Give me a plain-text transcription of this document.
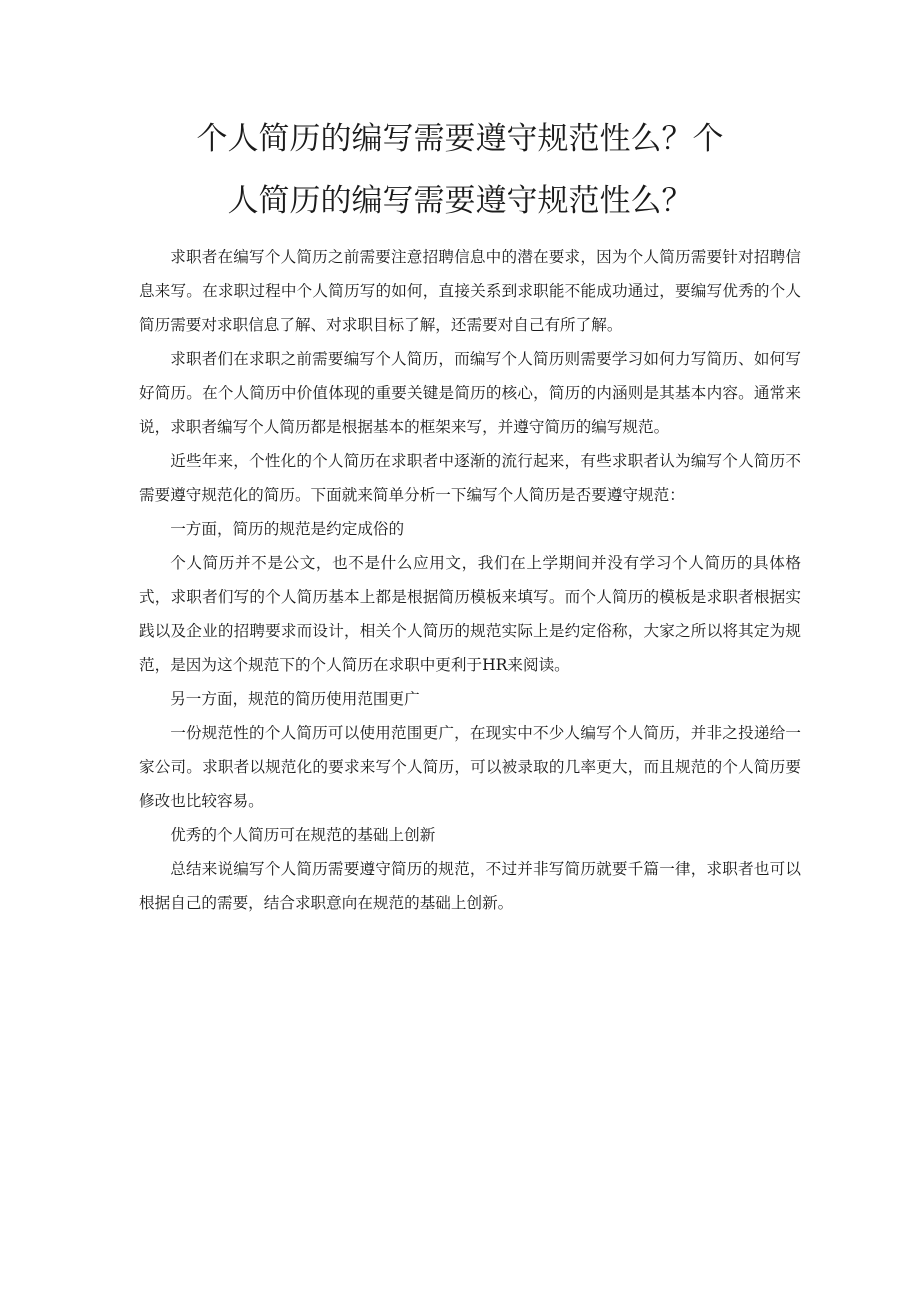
个人简历的编写需要遵守规范性么？个
人简历的编写需要遵守规范性么？

求职者在编写个人简历之前需要注意招聘信息中的潜在要求，因为个人简历需要针对招聘信息来写。在求职过程中个人简历写的如何，直接关系到求职能不能成功通过，要编写优秀的个人简历需要对求职信息了解、对求职目标了解，还需要对自己有所了解。

求职者们在求职之前需要编写个人简历，而编写个人简历则需要学习如何力写简历、如何写好简历。在个人简历中价值体现的重要关键是简历的核心，简历的内涵则是其基本内容。通常来说，求职者编写个人简历都是根据基本的框架来写，并遵守简历的编写规范。

近些年来，个性化的个人简历在求职者中逐渐的流行起来，有些求职者认为编写个人简历不需要遵守规范化的简历。下面就来简单分析一下编写个人简历是否要遵守规范：

一方面，简历的规范是约定成俗的

个人简历并不是公文，也不是什么应用文，我们在上学期间并没有学习个人简历的具体格式，求职者们写的个人简历基本上都是根据简历模板来填写。而个人简历的模板是求职者根据实践以及企业的招聘要求而设计，相关个人简历的规范实际上是约定俗称，大家之所以将其定为规范，是因为这个规范下的个人简历在求职中更利于HR来阅读。

另一方面，规范的简历使用范围更广

一份规范性的个人简历可以使用范围更广，在现实中不少人编写个人简历，并非之投递给一家公司。求职者以规范化的要求来写个人简历，可以被录取的几率更大，而且规范的个人简历要修改也比较容易。

优秀的个人简历可在规范的基础上创新

总结来说编写个人简历需要遵守简历的规范，不过并非写简历就要千篇一律，求职者也可以根据自己的需要，结合求职意向在规范的基础上创新。
